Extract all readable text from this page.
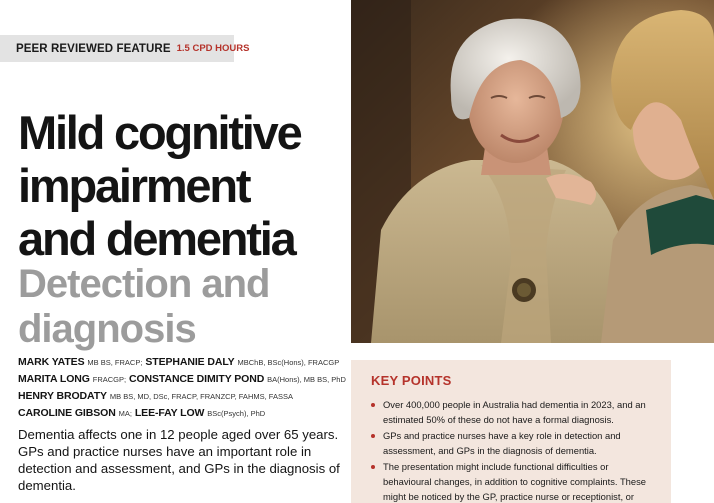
PEER REVIEWED FEATURE 1.5 CPD HOURS
Mild cognitive
impairment
and dementia
Detection and
diagnosis
MARK YATES MB BS, FRACP; STEPHANIE DALY MBChB, BSc(Hons), FRACGP
MARITA LONG FRACGP; CONSTANCE DIMITY POND BA(Hons), MB BS, PhD
HENRY BRODATY MB BS, MD, DSc, FRACP, FRANZCP, FAHMS, FASSA
CAROLINE GIBSON MA; LEE-FAY LOW BSc(Psych), PhD
Dementia affects one in 12 people aged over 65 years. GPs and practice nurses have an important role in detection and assessment, and GPs in the diagnosis of dementia.
KEY POINTS
Over 400,000 people in Australia had dementia in 2023, and an estimated 50% of these do not have a formal diagnosis.
GPs and practice nurses have a key role in detection and assessment, and GPs in the diagnosis of dementia.
The presentation might include functional difficulties or behavioural changes, in addition to cognitive complaints. These might be noticed by the GP, practice nurse or receptionist, or
